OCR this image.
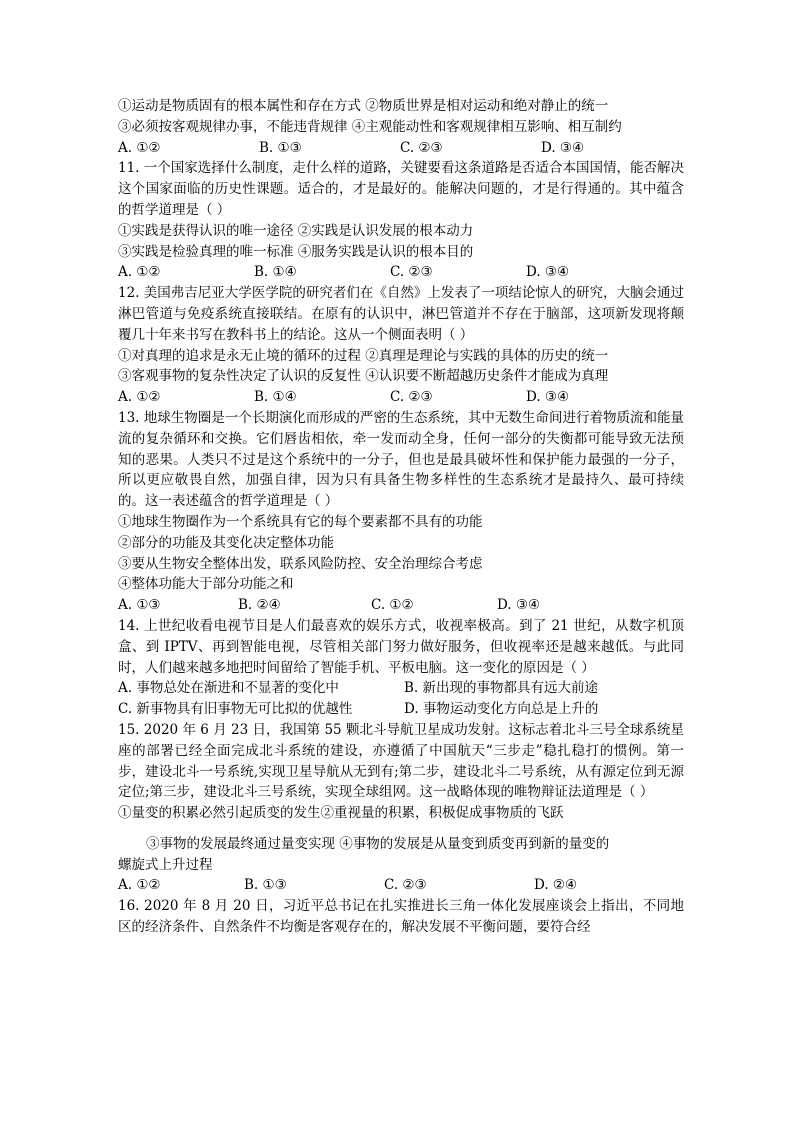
①运动是物质固有的根本属性和存在方式 ②物质世界是相对运动和绝对静止的统一
③必须按客观规律办事，不能违背规律 ④主观能动性和客观规律相互影响、相互制约
A. ①②	B. ①③	C. ②③	D. ③④
11. 一个国家选择什么制度，走什么样的道路，关键要看这条道路是否适合本国国情，能否解决这个国家面临的历史性课题。适合的，才是最好的。能解决问题的，才是行得通的。其中蕴含的哲学道理是（ ）
①实践是获得认识的唯一途径 ②实践是认识发展的根本动力
③实践是检验真理的唯一标准 ④服务实践是认识的根本目的
A. ①②	B. ①④	C. ②③	D. ③④
12. 美国弗吉尼亚大学医学院的研究者们在《自然》上发表了一项结论惊人的研究，大脑会通过淋巴管道与免疫系统直接联结。在原有的认识中，淋巴管道并不存在于脑部，这项新发现将颠覆几十年来书写在教科书上的结论。这从一个侧面表明（ ）
①对真理的追求是永无止境的循环的过程 ②真理是理论与实践的具体的历史的统一
③客观事物的复杂性决定了认识的反复性 ④认识要不断超越历史条件才能成为真理
A. ①②	B. ①④	C. ②③	D. ③④
13. 地球生物圈是一个长期演化而形成的严密的生态系统，其中无数生命间进行着物质流和能量流的复杂循环和交换。它们唇齿相依，牵一发而动全身，任何一部分的失衡都可能导致无法预知的恶果。人类只不过是这个系统中的一分子，但也是最具破坏性和保护能力最强的一分子，所以更应敬畏自然，加强自律，因为只有具备生物多样性的生态系统才是最持久、最可持续的。这一表述蕴含的哲学道理是（ ）
①地球生物圈作为一个系统具有它的每个要素都不具有的功能
②部分的功能及其变化决定整体功能
③要从生物安全整体出发，联系风险防控、安全治理综合考虑
④整体功能大于部分功能之和
A. ①③	B. ②④	C. ①②	D. ③④
14. 上世纪收看电视节目是人们最喜欢的娱乐方式，收视率极高。到了 21 世纪，从数字机顶盒、到 IPTV、再到智能电视，尽管相关部门努力做好服务，但收视率还是越来越低。与此同时，人们越来越多地把时间留给了智能手机、平板电脑。这一变化的原因是（ ）
A. 事物总处在渐进和不显著的变化中	B. 新出现的事物都具有远大前途
C. 新事物具有旧事物无可比拟的优越性	D. 事物运动变化方向总是上升的
15. 2020 年 6 月 23 日，我国第 55 颗北斗导航卫星成功发射。这标志着北斗三号全球系统星座的部署已经全面完成北斗系统的建设，亦遵循了中国航天“三步走”稳扎稳打的惯例。第一步，建设北斗一号系统,实现卫星导航从无到有;第二步，建设北斗二号系统，从有源定位到无源定位;第三步，建设北斗三号系统，实现全球组网。这一战略体现的唯物辩证法道理是（ ）
①量变的积累必然引起质变的发生②重视量的积累，积极促成事物质的飞跃
③事物的发展最终通过量变实现 ④事物的发展是从量变到质变再到新的量变的
螺旋式上升过程
A. ①②	B. ①③	C. ②③	D. ②④
16. 2020 年 8 月 20 日，习近平总书记在扎实推进长三角一体化发展座谈会上指出，不同地区的经济条件、自然条件不均衡是客观存在的，解决发展不平衡问题，要符合经
